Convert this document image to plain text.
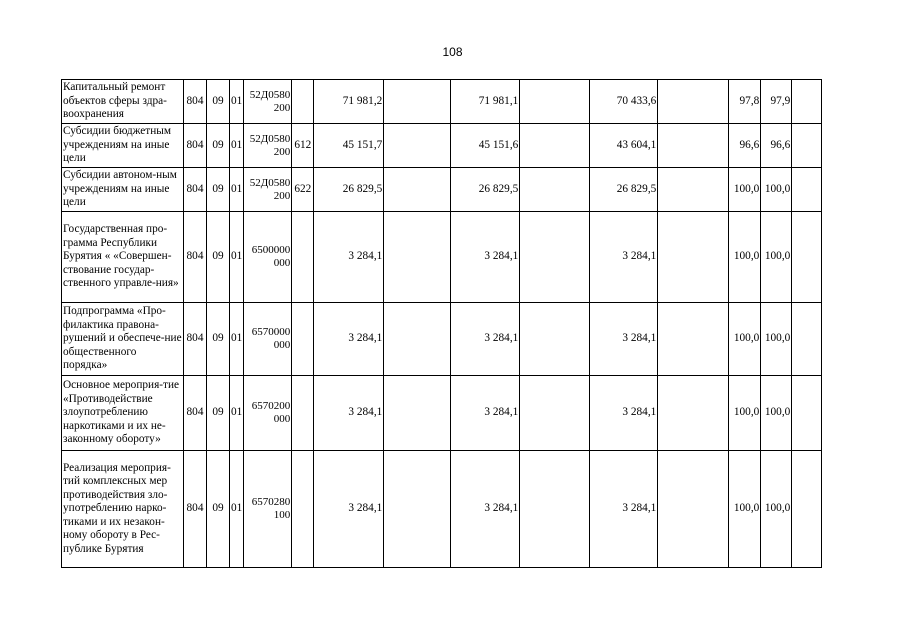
108
Капитальный ремонт объектов сферы здра-воохранения	804	09	01	52Д0580 200		71 981,2		71 981,1		70 433,6		97,8	97,9	
Субсидии бюджетным учреждениям на иные цели	804	09	01	52Д0580 200	612	45 151,7		45 151,6		43 604,1		96,6	96,6	
Субсидии автоном-ным учреждениям на иные цели	804	09	01	52Д0580 200	622	26 829,5		26 829,5		26 829,5		100,0	100,0	
Государственная про-грамма Республики Бурятия « «Совершен-ствование государ-ственного управле-ния»	804	09	01	6500000 000		3 284,1		3 284,1		3 284,1		100,0	100,0	
Подпрограмма «Про-филактика правона-рушений и обеспече-ние общественного порядка»	804	09	01	6570000 000		3 284,1		3 284,1		3 284,1		100,0	100,0	
Основное мероприя-тие «Противодействие злоупотреблению наркотиками и их не-законному обороту»	804	09	01	6570200 000		3 284,1		3 284,1		3 284,1		100,0	100,0	
Реализация мероприя-тий комплексных мер противодействия зло-употреблению нарко-тиками и их незакон-ному обороту в Рес-публике Бурятия	804	09	01	6570280 100		3 284,1		3 284,1		3 284,1		100,0	100,0	
